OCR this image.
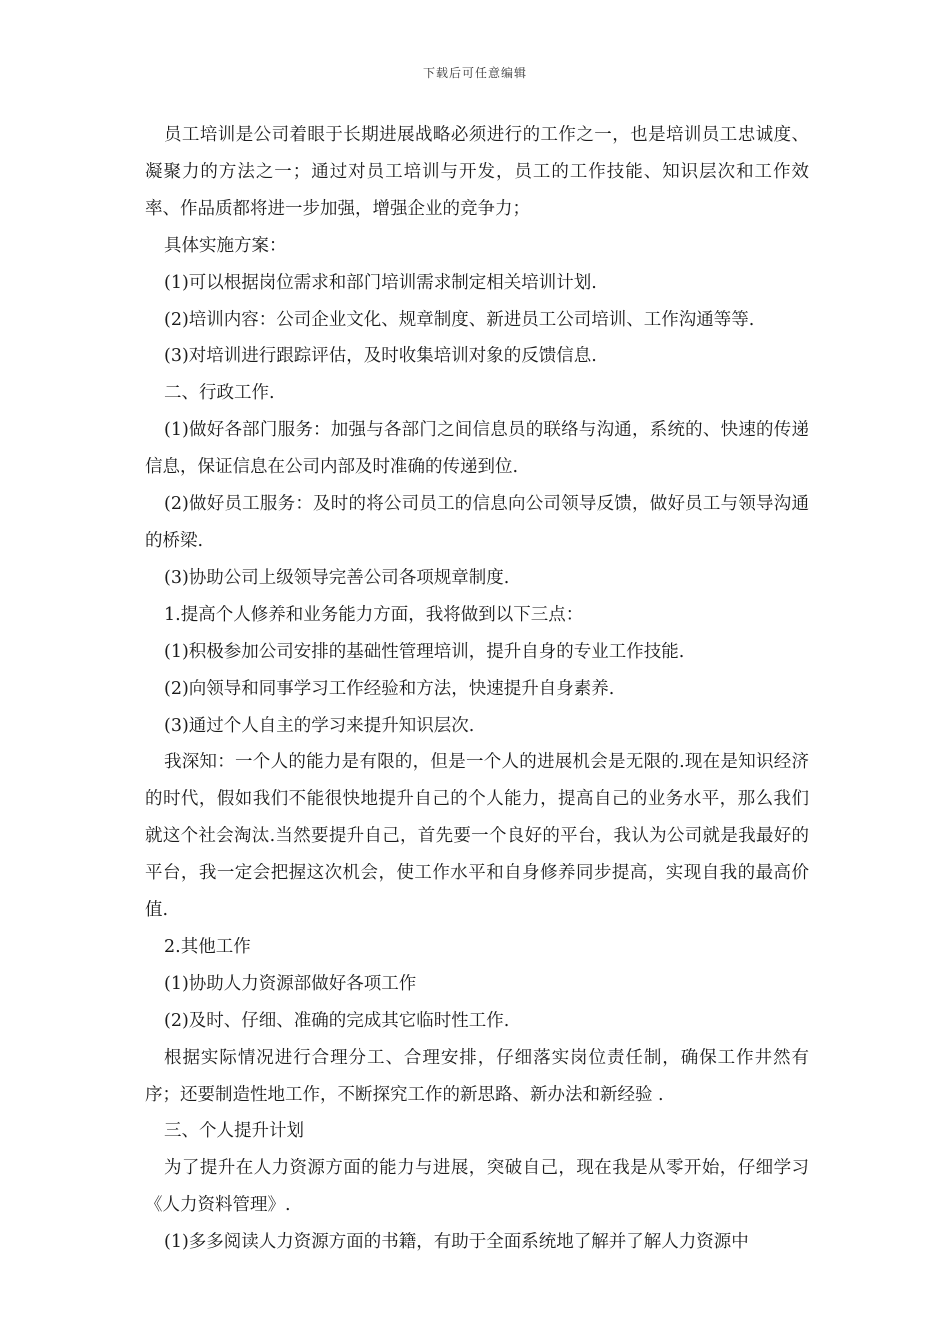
下载后可任意编辑

员工培训是公司着眼于长期进展战略必须进行的工作之一，也是培训员工忠诚度、凝聚力的方法之一；通过对员工培训与开发，员工的工作技能、知识层次和工作效率、作品质都将进一步加强，增强企业的竞争力；

具体实施方案：

(1)可以根据岗位需求和部门培训需求制定相关培训计划.

(2)培训内容：公司企业文化、规章制度、新进员工公司培训、工作沟通等等.

(3)对培训进行跟踪评估，及时收集培训对象的反馈信息.

二、行政工作.

(1)做好各部门服务：加强与各部门之间信息员的联络与沟通，系统的、快速的传递信息，保证信息在公司内部及时准确的传递到位.

(2)做好员工服务：及时的将公司员工的信息向公司领导反馈，做好员工与领导沟通的桥梁.

(3)协助公司上级领导完善公司各项规章制度.

1.提高个人修养和业务能力方面，我将做到以下三点：

(1)积极参加公司安排的基础性管理培训，提升自身的专业工作技能.

(2)向领导和同事学习工作经验和方法，快速提升自身素养.

(3)通过个人自主的学习来提升知识层次.

我深知：一个人的能力是有限的，但是一个人的进展机会是无限的.现在是知识经济的时代，假如我们不能很快地提升自己的个人能力，提高自己的业务水平，那么我们就这个社会淘汰.当然要提升自己，首先要一个良好的平台，我认为公司就是我最好的平台，我一定会把握这次机会，使工作水平和自身修养同步提高，实现自我的最高价值.

2.其他工作

(1)协助人力资源部做好各项工作

(2)及时、仔细、准确的完成其它临时性工作.

根据实际情况进行合理分工、合理安排，仔细落实岗位责任制，确保工作井然有序；还要制造性地工作，不断探究工作的新思路、新办法和新经验 .

三、个人提升计划

为了提升在人力资源方面的能力与进展，突破自己，现在我是从零开始，仔细学习《人力资料管理》.

(1)多多阅读人力资源方面的书籍，有助于全面系统地了解并了解人力资源中
